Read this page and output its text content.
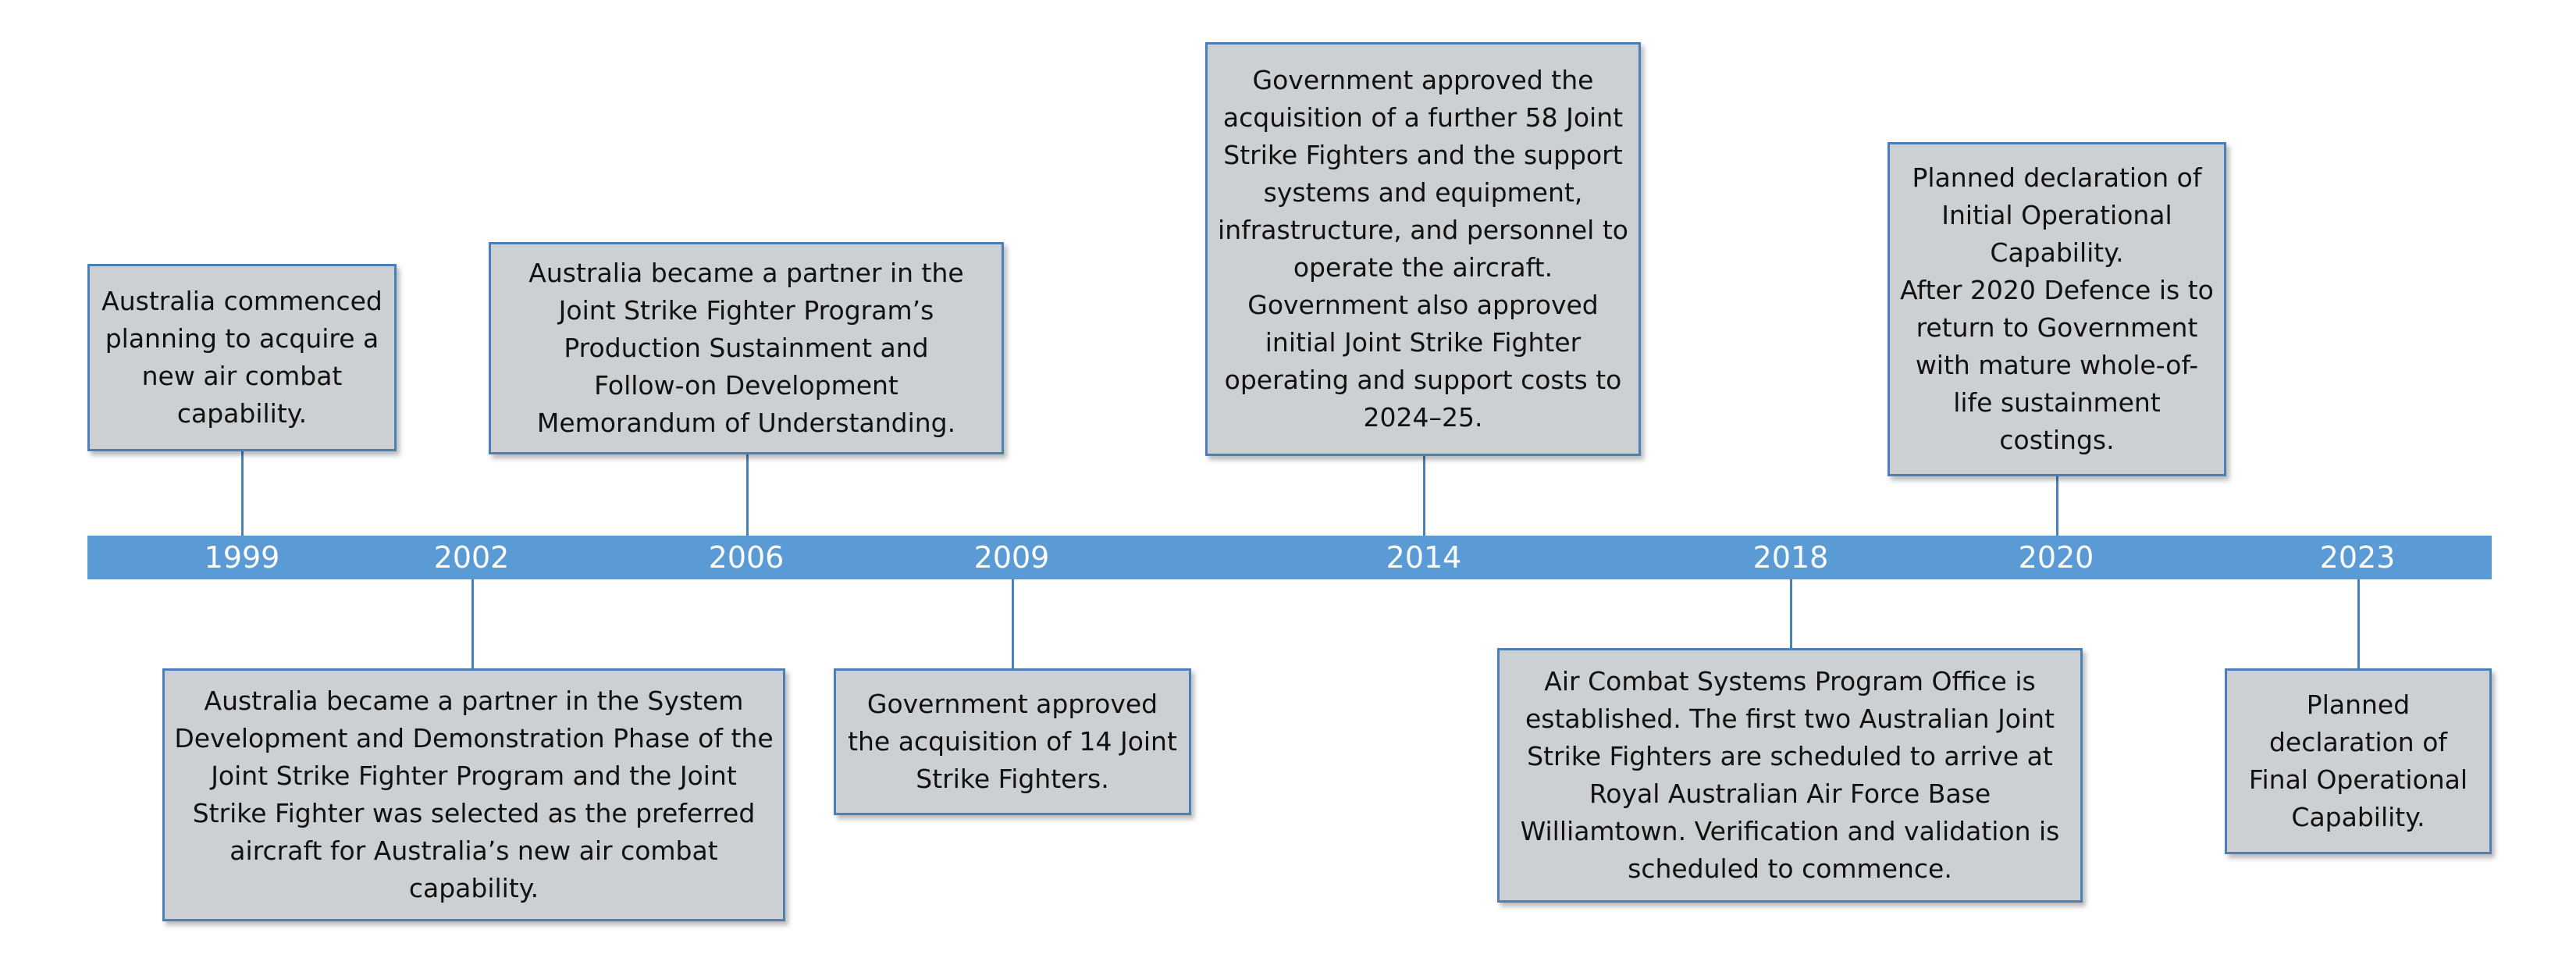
1999	2002	2006	2009	2014	2018	2020	2023
Australia commenced
planning to acquire a
new air combat
capability.
Australia became a partner in the
Joint Strike Fighter Program’s
Production Sustainment and
Follow-on Development
Memorandum of Understanding.
Government approved the
acquisition of a further 58 Joint
Strike Fighters and the support
systems and equipment,
infrastructure, and personnel to
operate the aircraft.
Government also approved
initial Joint Strike Fighter
operating and support costs to
2024–25.
Planned declaration of
Initial Operational
Capability.
After 2020 Defence is to
return to Government
with mature whole-of-
life sustainment
costings.
Australia became a partner in the System
Development and Demonstration Phase of the
Joint Strike Fighter Program and the Joint
Strike Fighter was selected as the preferred
aircraft for Australia’s new air combat
capability.
Government approved
the acquisition of 14 Joint
Strike Fighters.
Air Combat Systems Program Office is
established. The first two Australian Joint
Strike Fighters are scheduled to arrive at
Royal Australian Air Force Base
Williamtown. Verification and validation is
scheduled to commence.
Planned
declaration of
Final Operational
Capability.
